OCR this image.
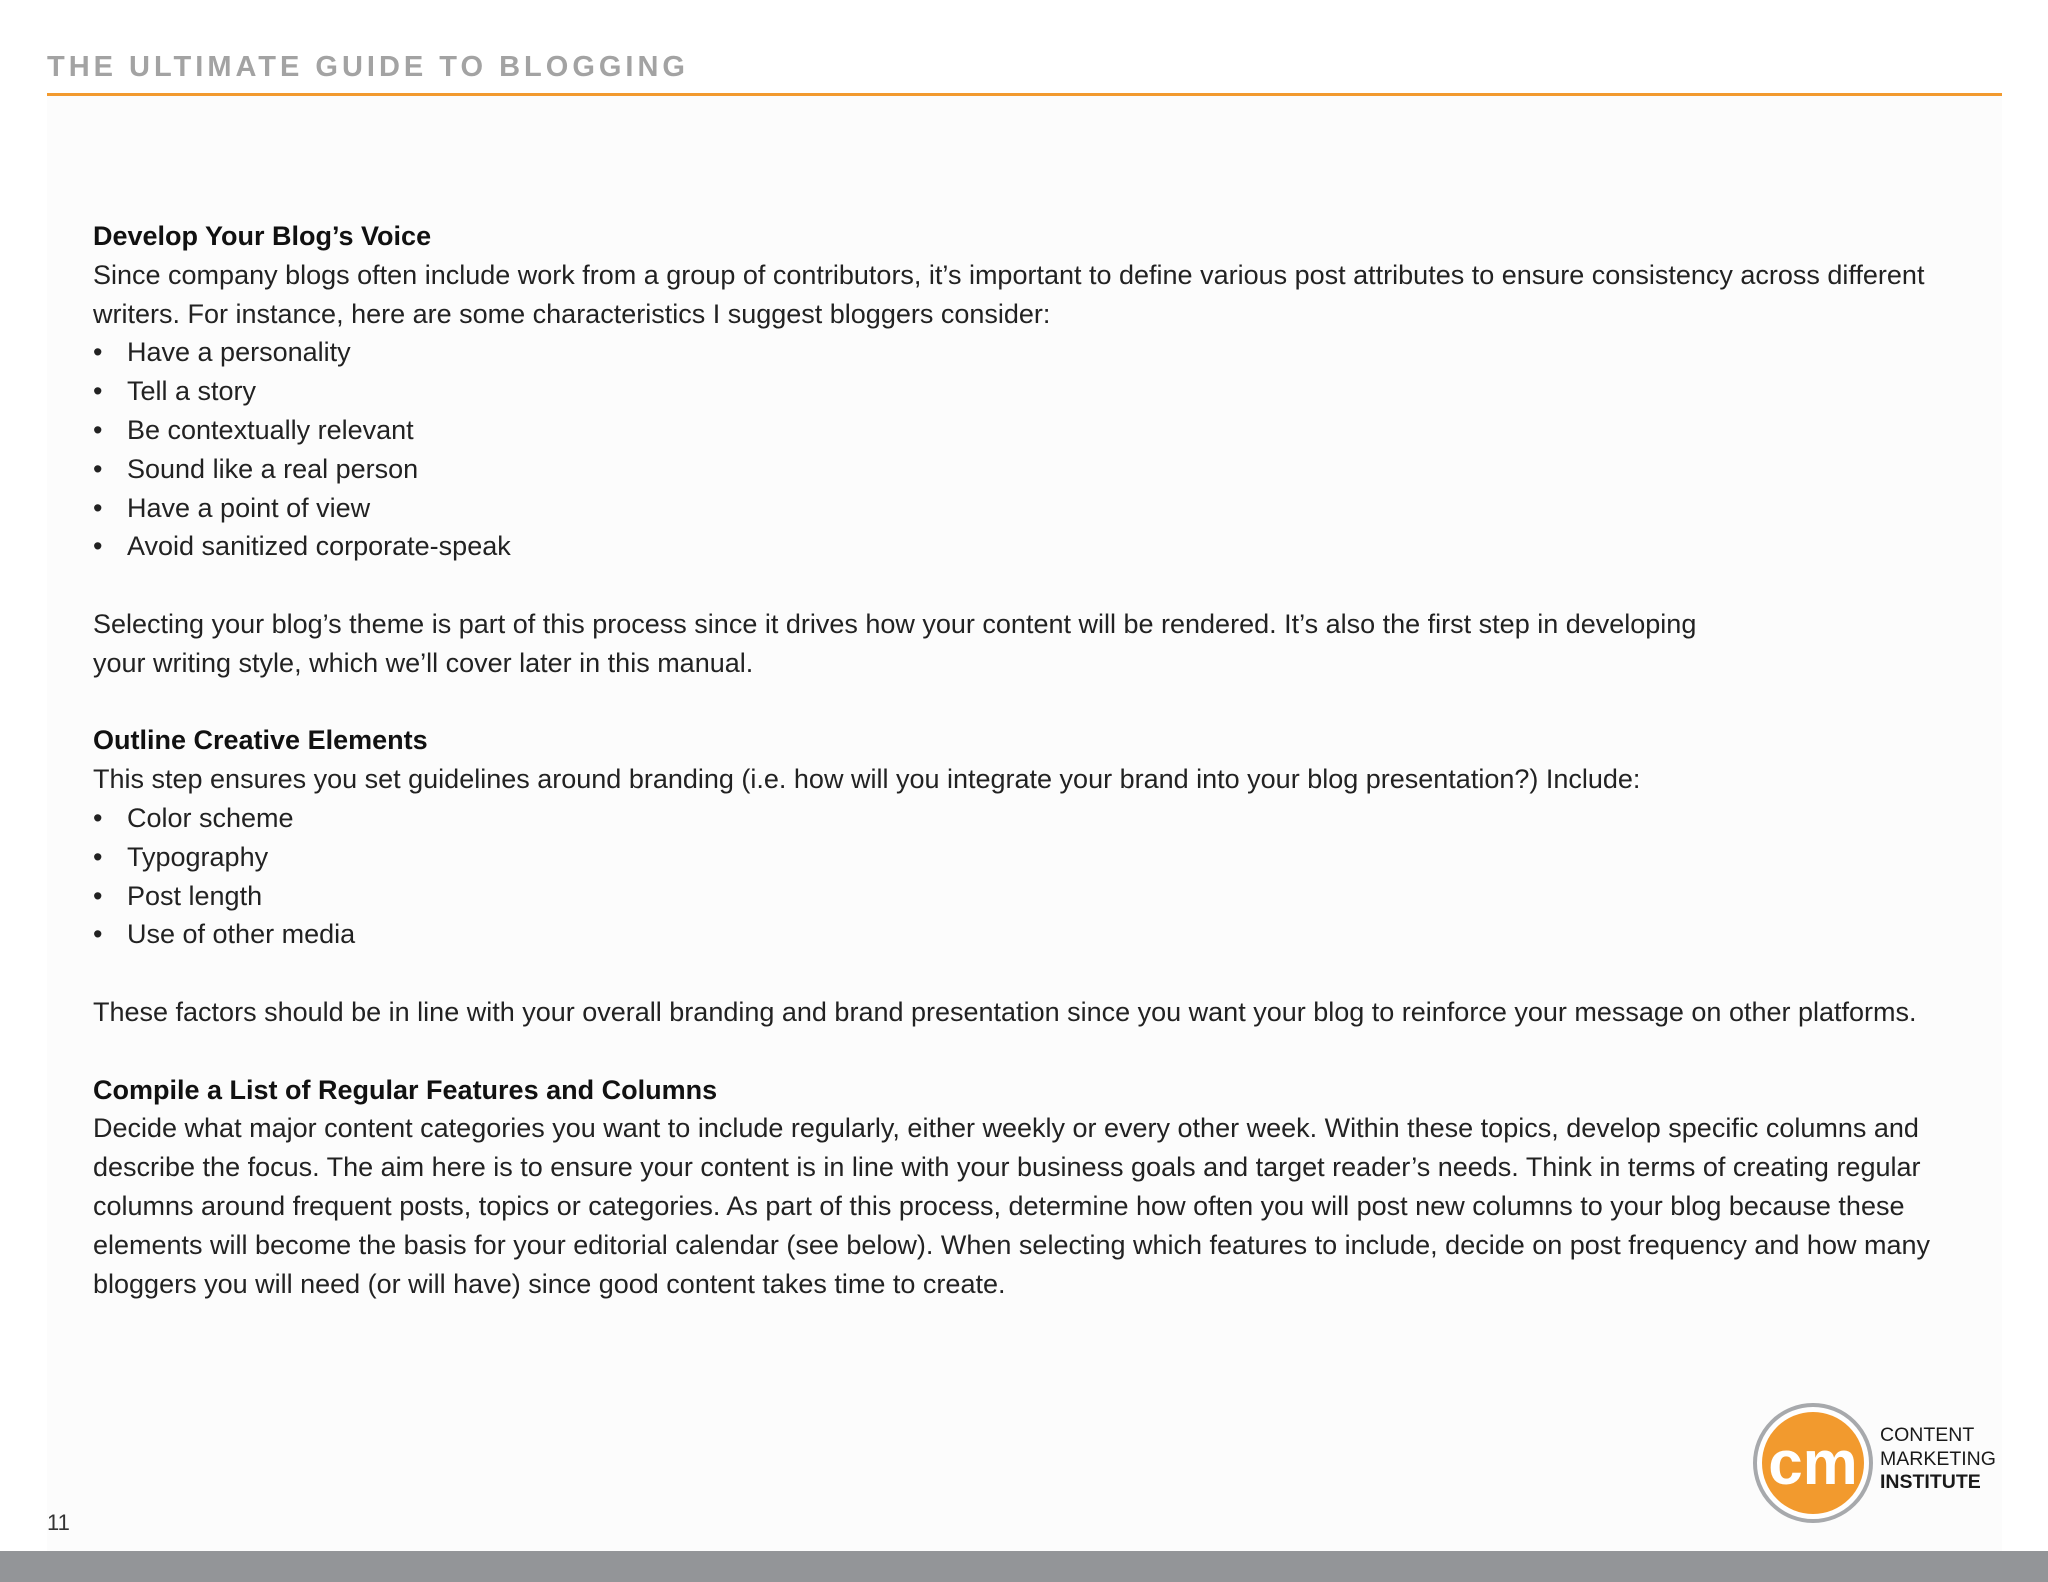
THE ULTIMATE GUIDE TO BLOGGING
Develop Your Blog’s Voice

Since company blogs often include work from a group of contributors, it’s important to define various post attributes to ensure consistency across different writers. For instance, here are some characteristics I suggest bloggers consider:

• Have a personality
• Tell a story
• Be contextually relevant
• Sound like a real person
• Have a point of view
• Avoid sanitized corporate-speak

Selecting your blog’s theme is part of this process since it drives how your content will be rendered. It’s also the first step in developing

your writing style, which we’ll cover later in this manual.

Outline Creative Elements

This step ensures you set guidelines around branding (i.e. how will you integrate your brand into your blog presentation?) Include:

• Color scheme
• Typography
• Post length
• Use of other media

These factors should be in line with your overall branding and brand presentation since you want your blog to reinforce your message on other platforms.

Compile a List of Regular Features and Columns

Decide what major content categories you want to include regularly, either weekly or every other week. Within these topics, develop specific columns and describe the focus. The aim here is to ensure your content is in line with your business goals and target reader’s needs. Think in terms of creating regular columns around frequent posts, topics or categories. As part of this process, determine how often you will post new columns to your blog because these elements will become the basis for your editorial calendar (see below). When selecting which features to include, decide on post frequency and how many bloggers you will need (or will have) since good content takes time to create.

11
cm CONTENT
MARKETING
INSTITUTE
